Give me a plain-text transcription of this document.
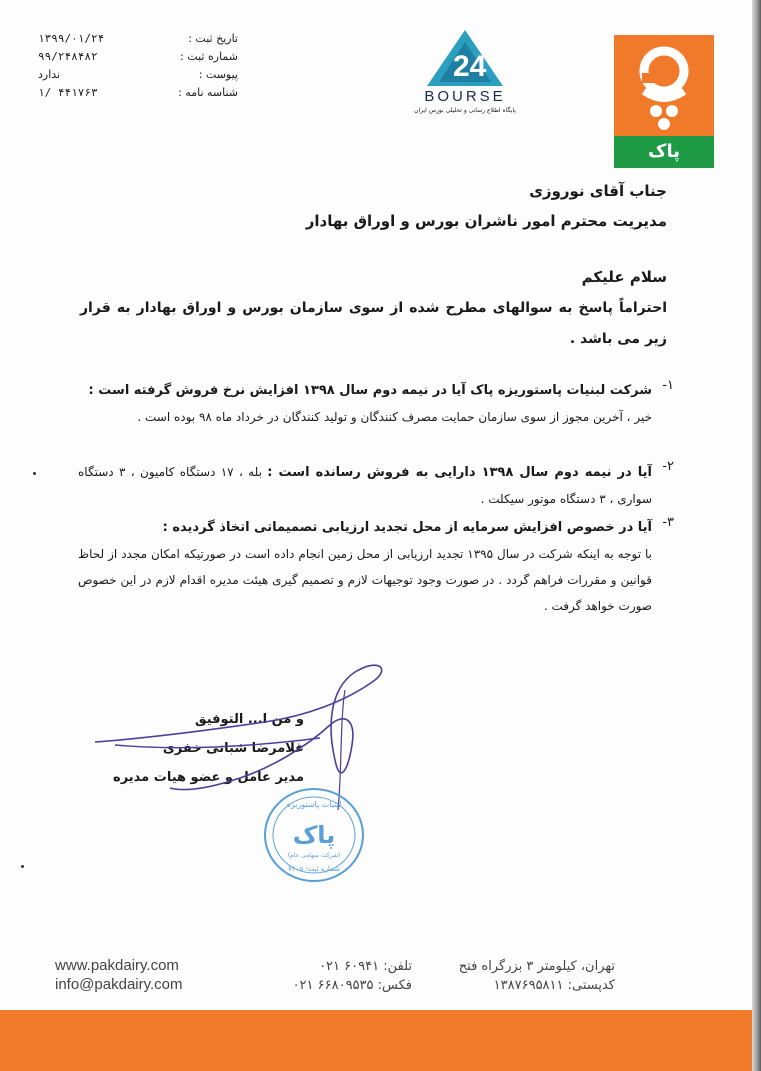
تاریخ ثبت :
۱۳۹۹/۰۱/۲۴
شماره ثبت :
۹۹/۲۴۸۴۸۲
پیوست :
ندارد
شناسه نامه :
۱/ ۴۴۱۷۶۳
24
BOURSE
پایگاه اطلاع رسانی و تحلیلی بورس ایران
پاک
جناب آقای نوروزی
مدیریت محترم امور ناشران بورس و اوراق بهادار
سلام علیکم
احتراماً پاسخ به سوالهای مطرح شده از سوی سازمان بورس و اوراق بهادار به قرار زیر می باشد .
۱-
شرکت لبنیات پاستوریزه پاک آیا در نیمه دوم سال ۱۳۹۸ افزایش نرخ فروش گرفته است :
خیر ، آخرین مجوز از سوی سازمان حمایت مصرف کنندگان و تولید کنندگان در خرداد ماه ۹۸ بوده است .
۲-
آیا در نیمه دوم سال ۱۳۹۸ دارایی به فروش رسانده است : بله ، ۱۷ دستگاه کامیون ، ۳ دستگاه سواری ، ۳ دستگاه موتور سیکلت .
۳-
آیا در خصوص افزایش سرمایه از محل تجدید ارزیابی تصمیماتی اتخاذ گردیده :
با توجه به اینکه شرکت در سال ۱۳۹۵ تجدید ارزیابی از محل زمین انجام داده است در صورتیکه امکان مجدد از لحاظ قوانین و مقررات فراهم گردد . در صورت وجود توجیهات لازم و تصمیم گیری هیئت مدیره اقدام لازم در این خصوص صورت خواهد گرفت .
و من ا... التوفیق
غلامرضا شبانی خفری
مدیر عامل و عضو هیات مدیره
لبنیات پاستوریزه
پاک
(شرکت سهامی عام)
شماره ثبت: ۷۲۰۵
www.pakdairy.com
info@pakdairy.com
تلفن: ۶۰۹۴۱ ۰۲۱
فکس: ۶۶۸۰۹۵۳۵ ۰۲۱
تهران، کیلومتر ۳ بزرگراه فتح
کدپستی: ۱۳۸۷۶۹۵۸۱۱
